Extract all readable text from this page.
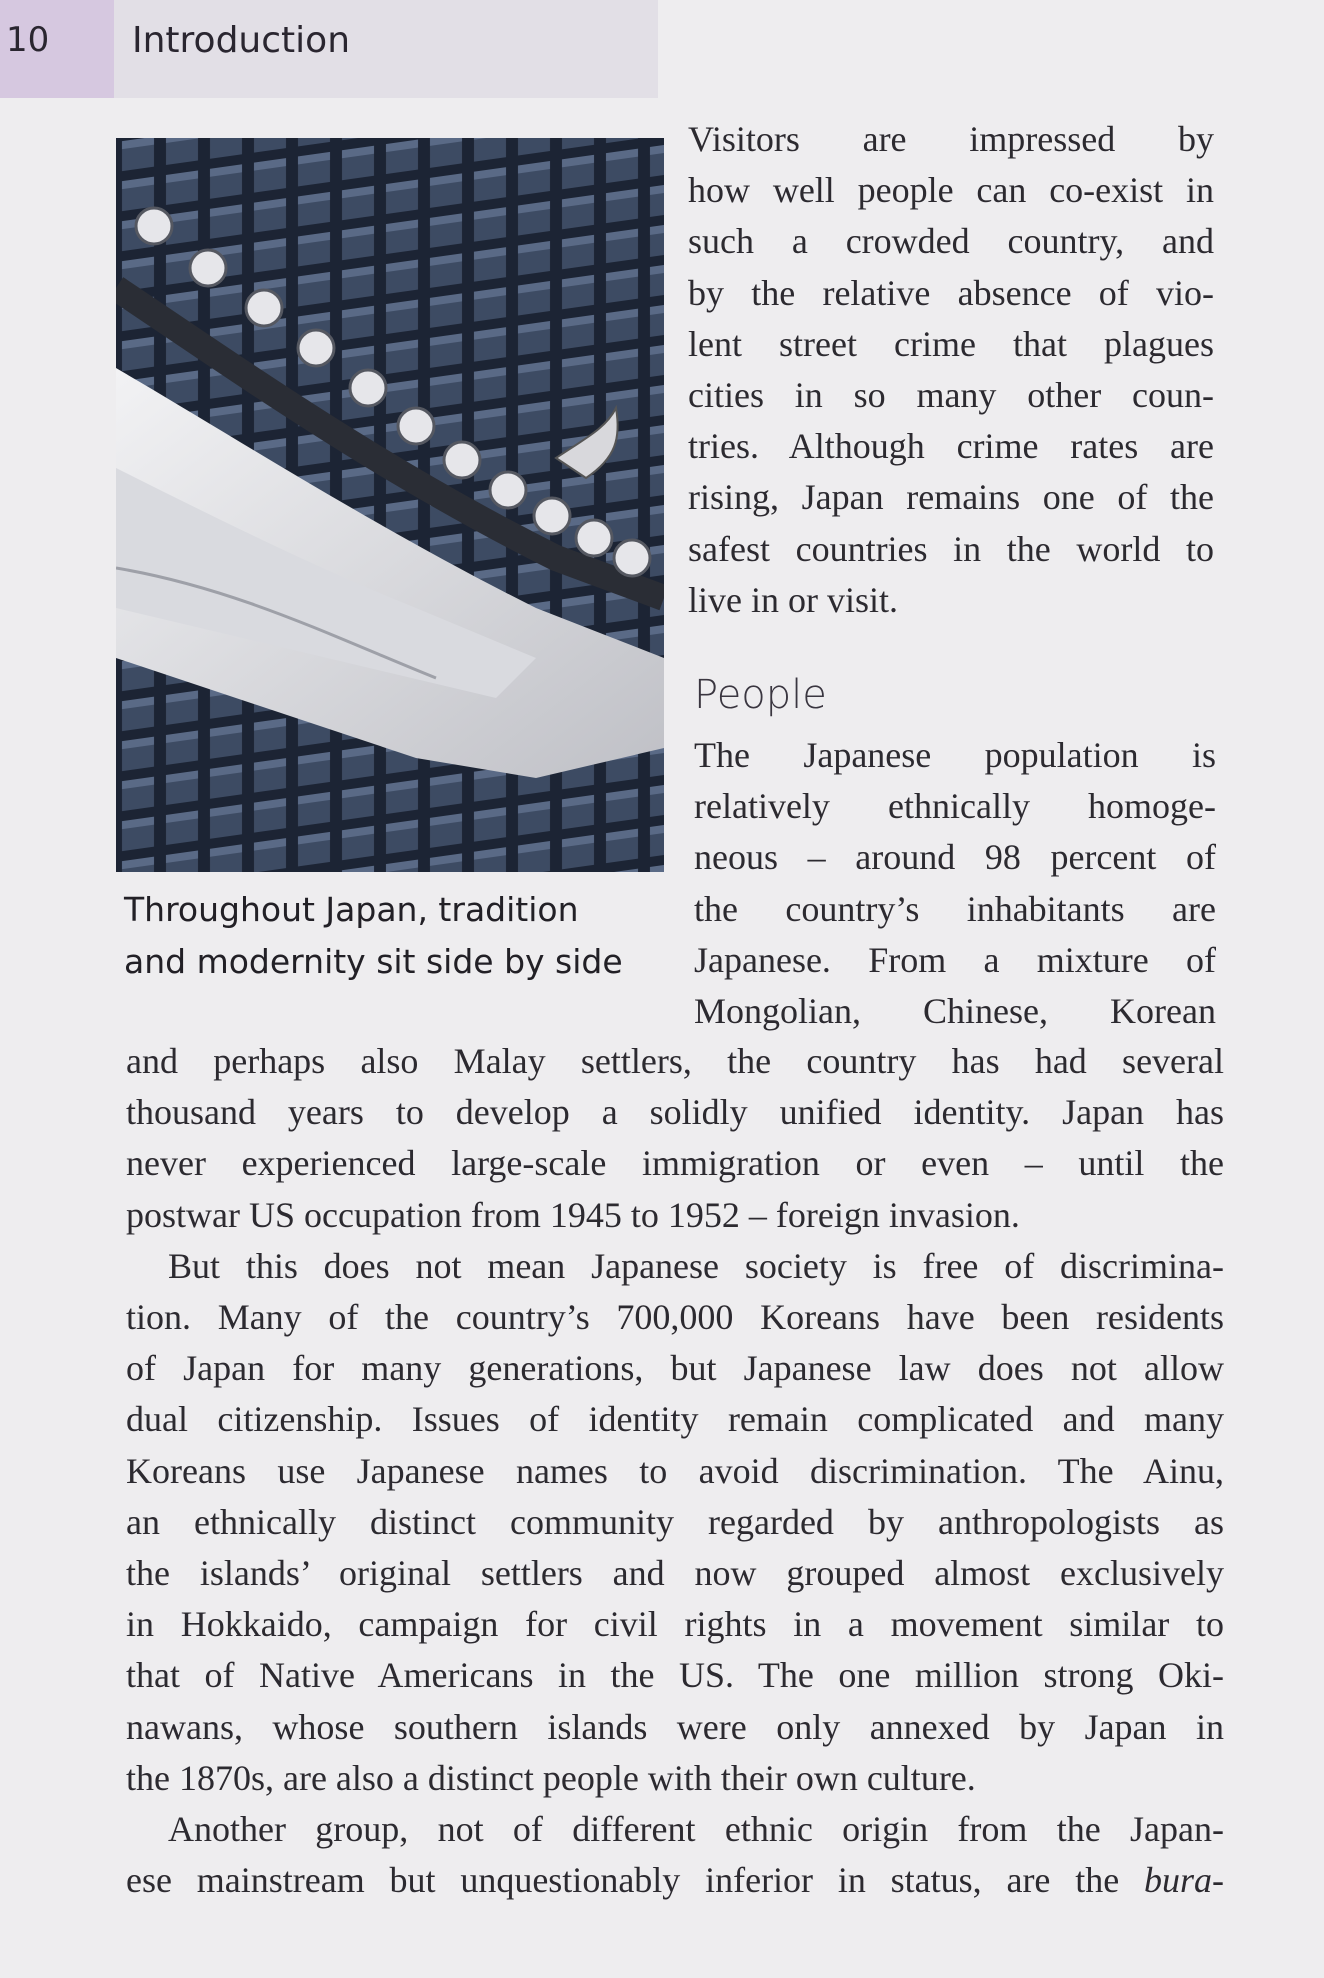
10 Introduction
Throughout Japan, tradition
and modernity sit side by side
Visitors are impressed by
how well people can co-exist in
such a crowded country, and
by the relative absence of vio-
lent street crime that plagues
cities in so many other coun-
tries. Although crime rates are
rising, Japan remains one of the
safest countries in the world to
live in or visit.
People
The Japanese population is
relatively ethnically homoge-
neous – around 98 percent of
the country’s inhabitants are
Japanese. From a mixture of
Mongolian, Chinese, Korean
and perhaps also Malay settlers, the country has had several
thousand years to develop a solidly unified identity. Japan has
never experienced large-scale immigration or even – until the
postwar US occupation from 1945 to 1952 – foreign invasion.
But this does not mean Japanese society is free of discrimina-
tion. Many of the country’s 700,000 Koreans have been residents
of Japan for many generations, but Japanese law does not allow
dual citizenship. Issues of identity remain complicated and many
Koreans use Japanese names to avoid discrimination. The Ainu,
an ethnically distinct community regarded by anthropologists as
the islands’ original settlers and now grouped almost exclusively
in Hokkaido, campaign for civil rights in a movement similar to
that of Native Americans in the US. The one million strong Oki-
nawans, whose southern islands were only annexed by Japan in
the 1870s, are also a distinct people with their own culture.
Another group, not of different ethnic origin from the Japan-
ese mainstream but unquestionably inferior in status, are the bura-
